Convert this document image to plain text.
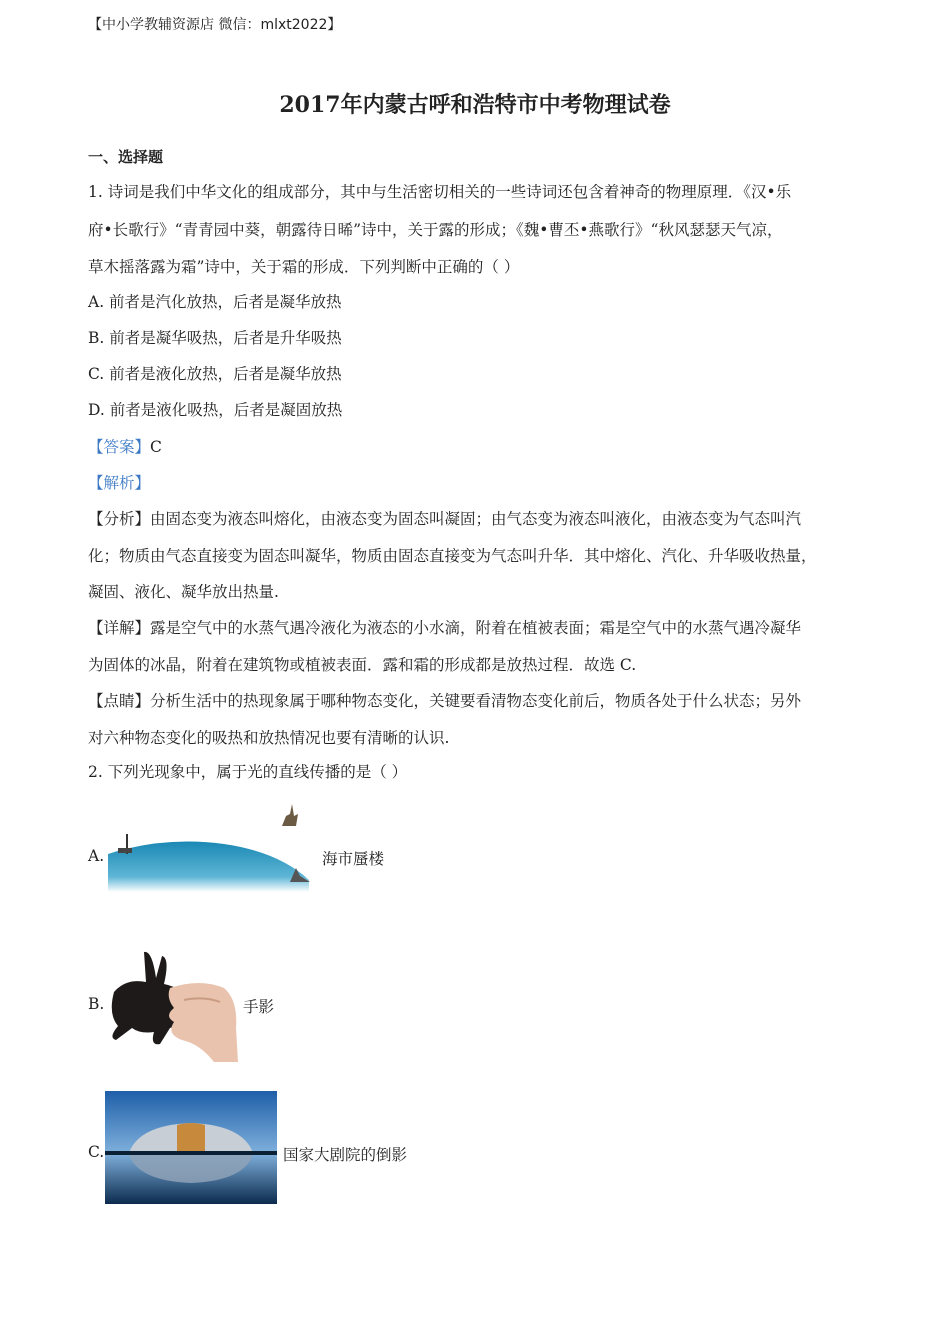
【中小学教辅资源店 微信：mlxt2022】
2017年内蒙古呼和浩特市中考物理试卷
一、选择题
1. 诗词是我们中华文化的组成部分，其中与生活密切相关的一些诗词还包含着神奇的物理原理．《汉•乐
府•长歌行》“青青园中葵，朝露待日晞”诗中，关于露的形成；《魏•曹丕•燕歌行》“秋风瑟瑟天气凉，
草木摇落露为霜”诗中，关于霜的形成．下列判断中正确的（ ）
A. 前者是汽化放热，后者是凝华放热
B. 前者是凝华吸热，后者是升华吸热
C. 前者是液化放热，后者是凝华放热
D. 前者是液化吸热，后者是凝固放热
【答案】C
【解析】
【分析】由固态变为液态叫熔化，由液态变为固态叫凝固；由气态变为液态叫液化，由液态变为气态叫汽
化；物质由气态直接变为固态叫凝华，物质由固态直接变为气态叫升华．其中熔化、汽化、升华吸收热量，
凝固、液化、凝华放出热量.
【详解】露是空气中的水蒸气遇冷液化为液态的小水滴，附着在植被表面；霜是空气中的水蒸气遇冷凝华
为固体的冰晶，附着在建筑物或植被表面．露和霜的形成都是放热过程．故选 C.
【点睛】分析生活中的热现象属于哪种物态变化，关键要看清物态变化前后，物质各处于什么状态；另外
对六种物态变化的吸热和放热情况也要有清晰的认识.
2. 下列光现象中，属于光的直线传播的是（ ）
A.	海市蜃楼
B.	手影
C.	国家大剧院的倒影
